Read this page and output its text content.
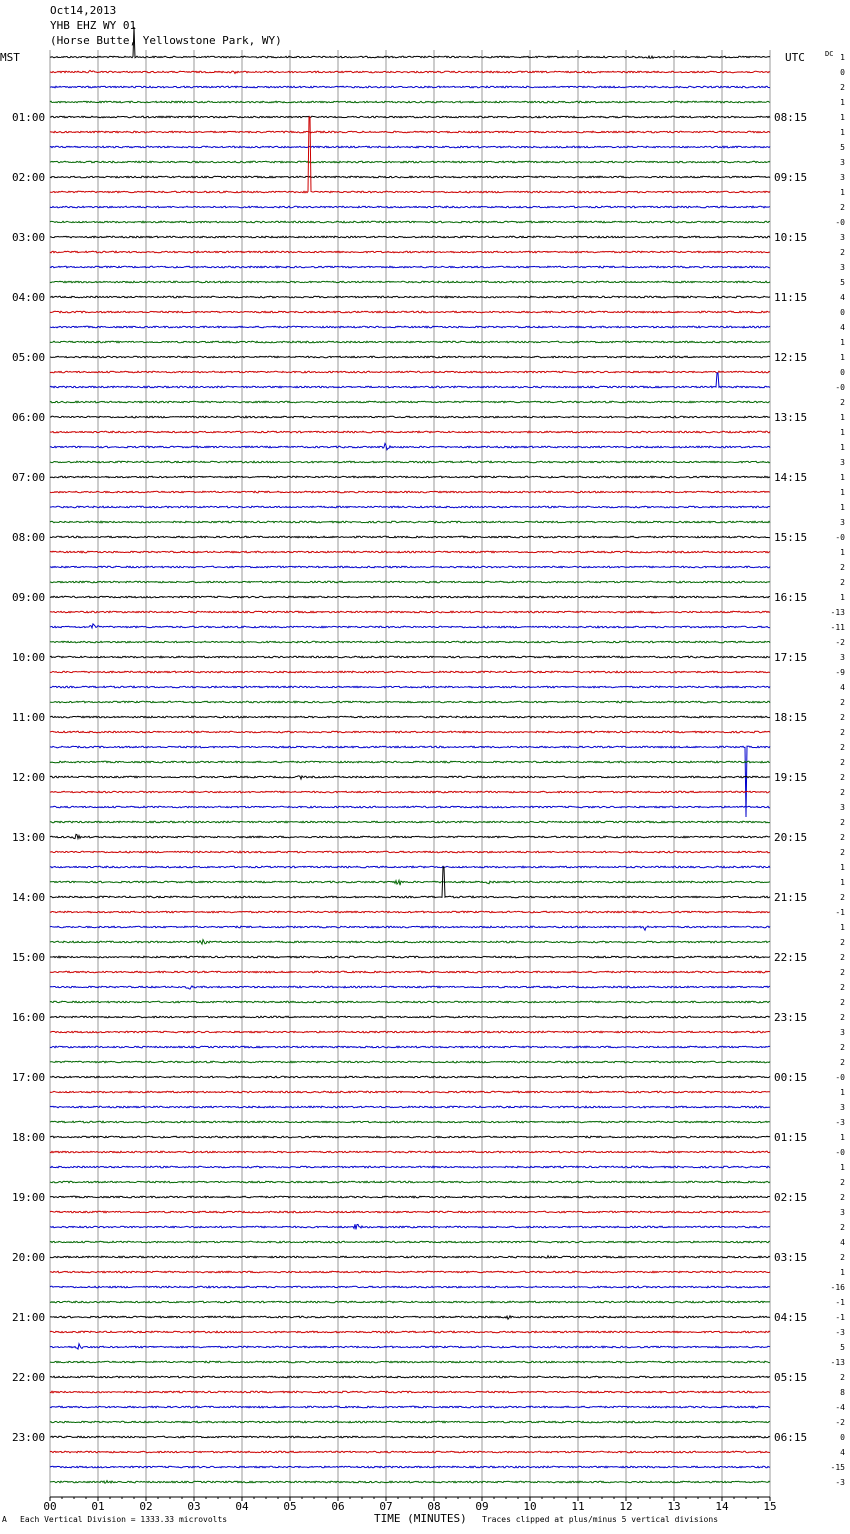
Oct14,2013
YHB EHZ WY 01
(Horse Butte, Yellowstone Park, WY)
MST	UTC	1
0
2
1
1
1
5
3
3
1
2
-0
3
2
3
5
4
0
4
1
1
0
-0
2
1
1
1
3
1
1
1
3
-0
1
2
2
1
-13
-11
-2
3
-9
4
2
2
2
2
2
2
2
3
2
2
2
1
1
2
-1
1
2
2
2
2
2
2
3
2
2
-0
1
3
-3
1
-0
1
2
2
3
2
4
2
1
-16
-1
-1
-3
5
-13
2
8
-4
-2
0
4
-15
-3
DC
01:00
02:00
03:00
04:00
05:00
06:00
07:00
08:00
09:00
10:00
11:00
12:00
13:00
14:00
15:00
16:00
17:00
18:00
19:00
20:00
21:00
22:00
23:00
08:15
09:15
10:15
11:15
12:15
13:15
14:15
15:15
16:15
17:15
18:15
19:15
20:15
21:15
22:15
23:15
00:15
01:15
02:15
03:15
04:15
05:15
06:15
00	01	02	03	04	05	06	07	08	09	10	11	12	13	14	15
A Each Vertical Division = 1333.33 microvolts	TIME (MINUTES) Traces clipped at plus/minus 5 vertical divisions
